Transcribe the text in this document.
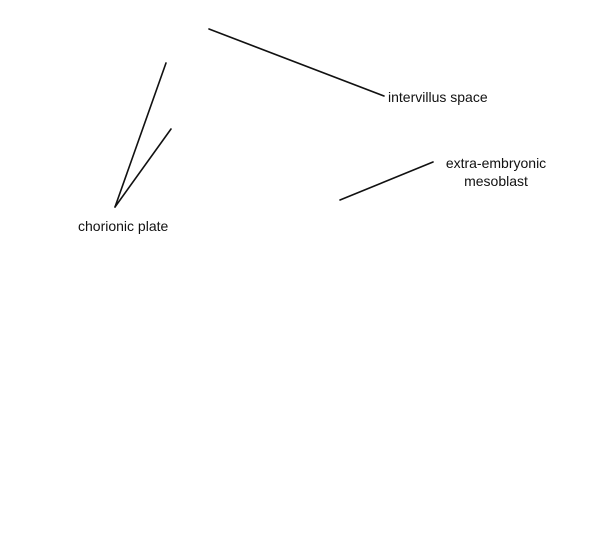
intervillus space
extra-embryonic
mesoblast
chorionic plate
